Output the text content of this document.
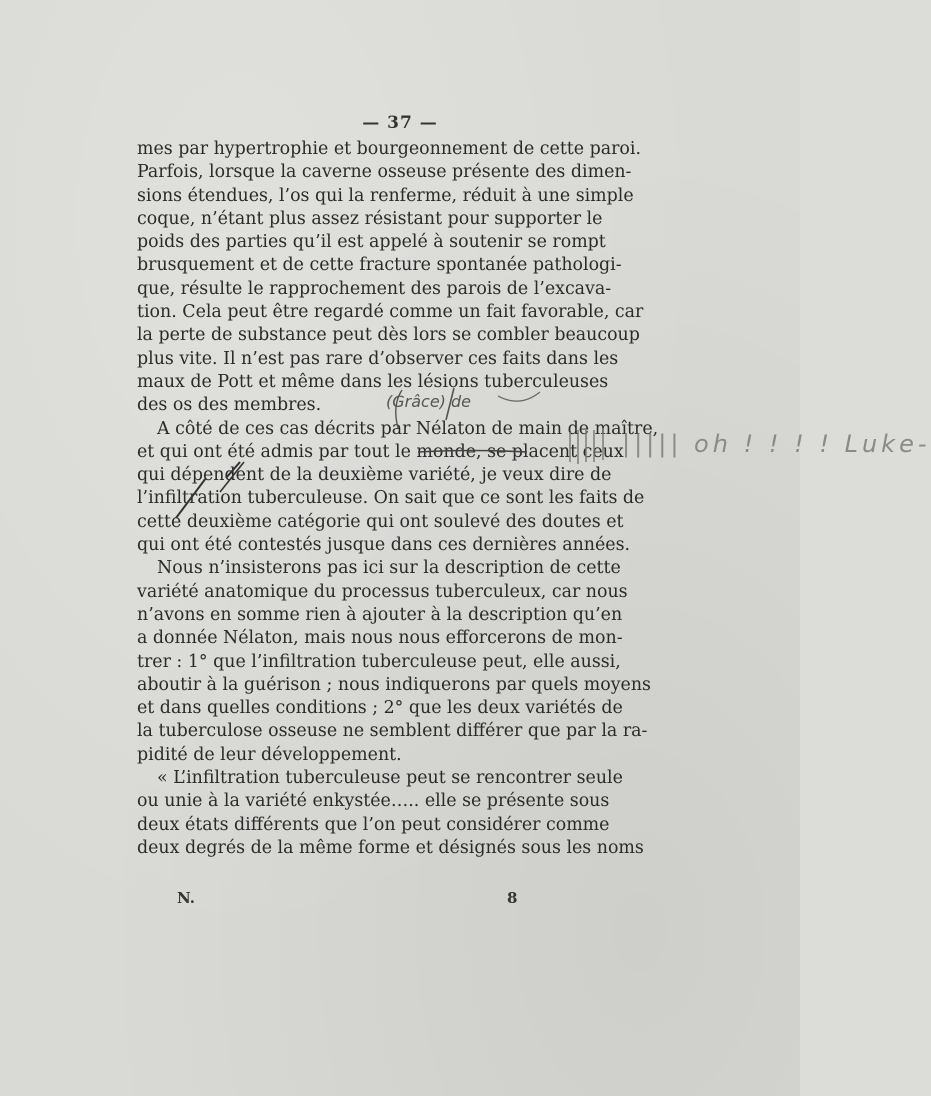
— 37 —
mes par hypertrophie et bourgeonnement de cette paroi.
Parfois, lorsque la caverne osseuse présente des dimen-
sions étendues, l’os qui la renferme, réduit à une simple
coque, n’étant plus assez résistant pour supporter le
poids des parties qu’il est appelé à soutenir se rompt
brusquement et de cette fracture spontanée pathologi-
que, résulte le rapprochement des parois de l’excava-
tion. Cela peut être regardé comme un fait favorable, car
la perte de substance peut dès lors se combler beaucoup
plus vite. Il n’est pas rare d’observer ces faits dans les
maux de Pott et même dans les lésions tuberculeuses
des os des membres.
A côté de ces cas décrits par Nélaton de main de maître,
et qui ont été admis par tout le monde, se placent ceux
qui dépendent de la deuxième variété, je veux dire de
l’infiltration tuberculeuse. On sait que ce sont les faits de
cette deuxième catégorie qui ont soulevé des doutes et
qui ont été contestés jusque dans ces dernières années.
Nous n’insisterons pas ici sur la description de cette
variété anatomique du processus tuberculeux, car nous
n’avons en somme rien à ajouter à la description qu’en
a donnée Nélaton, mais nous nous efforcerons de mon-
trer : 1° que l’infiltration tuberculeuse peut, elle aussi,
aboutir à la guérison ; nous indiquerons par quels moyens
et dans quelles conditions ; 2° que les deux variétés de
la tuberculose osseuse ne semblent différer que par la ra-
pidité de leur développement.
« L’infiltration tuberculeuse peut se rencontrer seule
ou unie à la variété enkystée….. elle se présente sous
deux états différents que l’on peut considérer comme
deux degrés de la même forme et désignés sous les noms
N.	8
(Grâce) de
||||| oh ! ! ! ! Luke-
